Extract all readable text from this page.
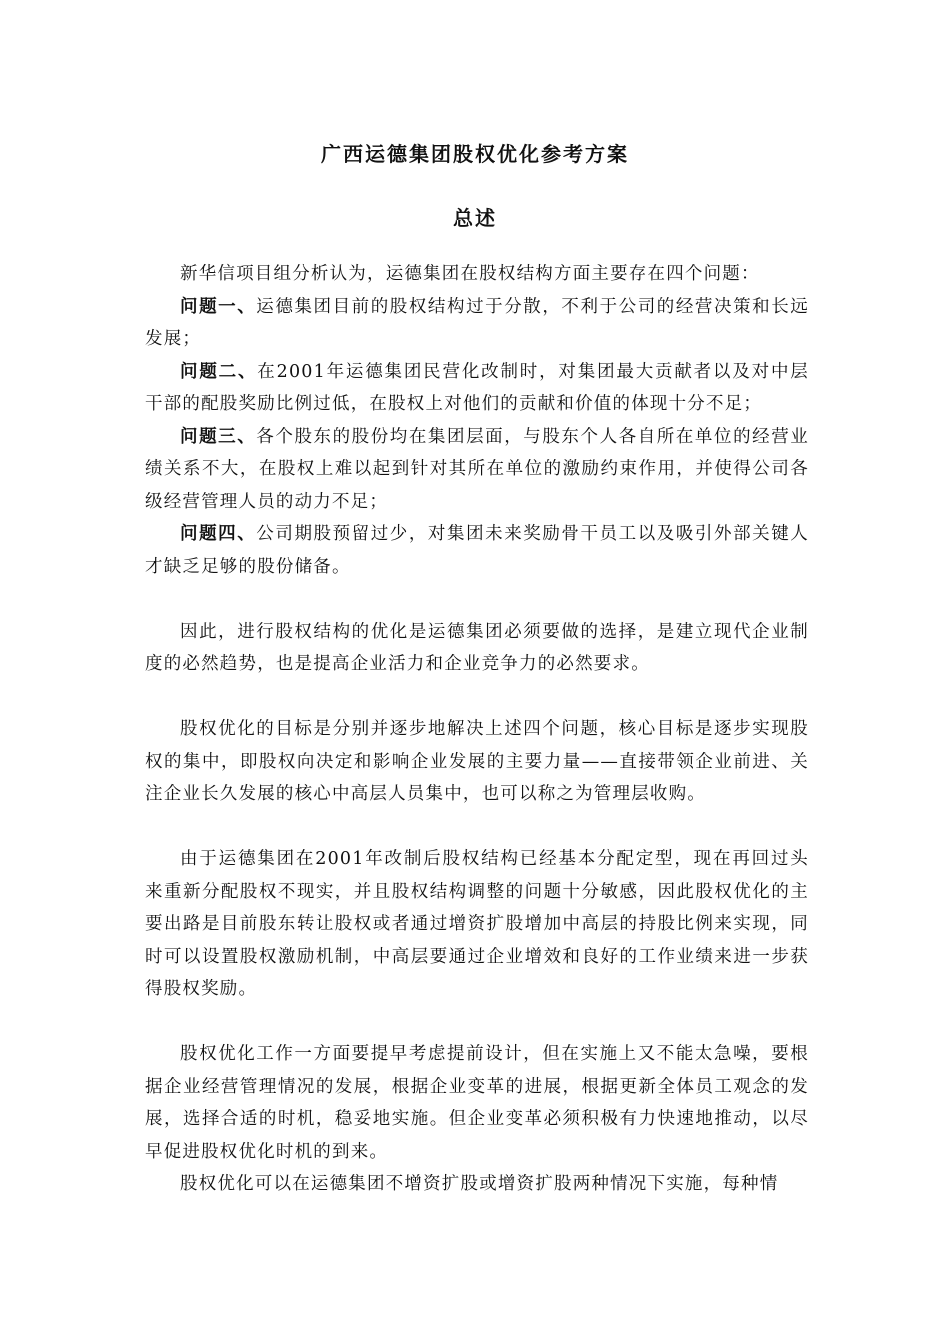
广西运德集团股权优化参考方案
总述

新华信项目组分析认为，运德集团在股权结构方面主要存在四个问题：

问题一、运德集团目前的股权结构过于分散，不利于公司的经营决策和长远发展；

问题二、在2001年运德集团民营化改制时，对集团最大贡献者以及对中层干部的配股奖励比例过低，在股权上对他们的贡献和价值的体现十分不足；

问题三、各个股东的股份均在集团层面，与股东个人各自所在单位的经营业绩关系不大，在股权上难以起到针对其所在单位的激励约束作用，并使得公司各级经营管理人员的动力不足；

问题四、公司期股预留过少，对集团未来奖励骨干员工以及吸引外部关键人才缺乏足够的股份储备。

因此，进行股权结构的优化是运德集团必须要做的选择，是建立现代企业制度的必然趋势，也是提高企业活力和企业竞争力的必然要求。

股权优化的目标是分别并逐步地解决上述四个问题，核心目标是逐步实现股权的集中，即股权向决定和影响企业发展的主要力量——直接带领企业前进、关注企业长久发展的核心中高层人员集中，也可以称之为管理层收购。

由于运德集团在2001年改制后股权结构已经基本分配定型，现在再回过头来重新分配股权不现实，并且股权结构调整的问题十分敏感，因此股权优化的主要出路是目前股东转让股权或者通过增资扩股增加中高层的持股比例来实现，同时可以设置股权激励机制，中高层要通过企业增效和良好的工作业绩来进一步获得股权奖励。

股权优化工作一方面要提早考虑提前设计，但在实施上又不能太急噪，要根据企业经营管理情况的发展，根据企业变革的进展，根据更新全体员工观念的发展，选择合适的时机，稳妥地实施。但企业变革必须积极有力快速地推动，以尽早促进股权优化时机的到来。

股权优化可以在运德集团不增资扩股或增资扩股两种情况下实施，每种情
